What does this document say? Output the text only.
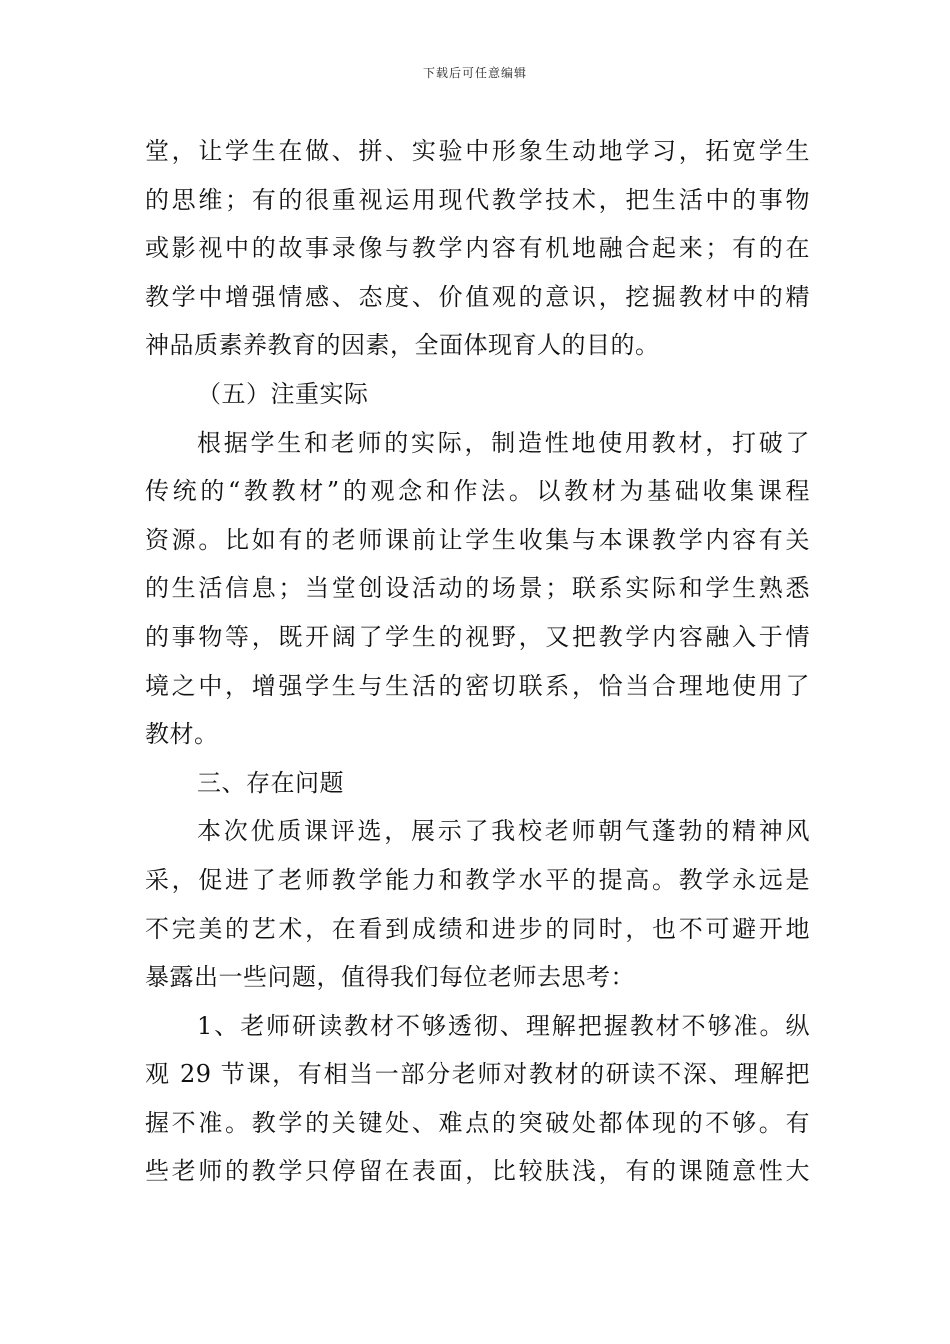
下载后可任意编辑
堂，让学生在做、拼、实验中形象生动地学习，拓宽学生
的思维；有的很重视运用现代教学技术，把生活中的事物
或影视中的故事录像与教学内容有机地融合起来；有的在
教学中增强情感、态度、价值观的意识，挖掘教材中的精
神品质素养教育的因素，全面体现育人的目的。
（五）注重实际
根据学生和老师的实际，制造性地使用教材，打破了
传统的“教教材”的观念和作法。以教材为基础收集课程
资源。比如有的老师课前让学生收集与本课教学内容有关
的生活信息；当堂创设活动的场景；联系实际和学生熟悉
的事物等，既开阔了学生的视野，又把教学内容融入于情
境之中，增强学生与生活的密切联系，恰当合理地使用了
教材。
三、存在问题
本次优质课评选，展示了我校老师朝气蓬勃的精神风
采，促进了老师教学能力和教学水平的提高。教学永远是
不完美的艺术，在看到成绩和进步的同时，也不可避开地
暴露出一些问题，值得我们每位老师去思考：
1、老师研读教材不够透彻、理解把握教材不够准。纵
观 29 节课，有相当一部分老师对教材的研读不深、理解把
握不准。教学的关键处、难点的突破处都体现的不够。有
些老师的教学只停留在表面，比较肤浅，有的课随意性大
